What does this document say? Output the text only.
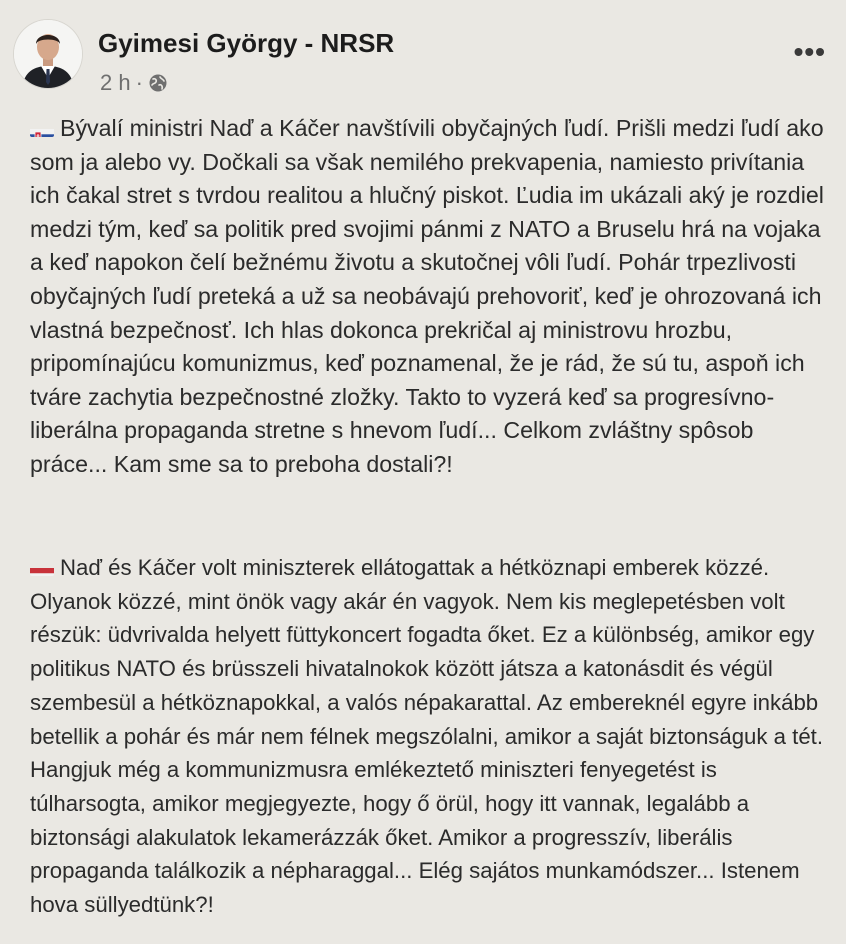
Gyimesi György - NRSR
2 h ·
•••
Bývalí ministri Naď a Káčer navštívili obyčajných ľudí. Prišli medzi ľudí ako som ja alebo vy. Dočkali sa však nemilého prekvapenia, namiesto privítania ich čakal stret s tvrdou realitou a hlučný piskot. Ľudia im ukázali aký je rozdiel medzi tým, keď sa politik pred svojimi pánmi z NATO a Bruselu hrá na vojaka a keď napokon čelí bežnému životu a skutočnej vôli ľudí. Pohár trpezlivosti obyčajných ľudí preteká a už sa neobávajú prehovoriť, keď je ohrozovaná ich vlastná bezpečnosť. Ich hlas dokonca prekričal aj ministrovu hrozbu, pripomínajúcu komunizmus, keď poznamenal, že je rád, že sú tu, aspoň ich tváre zachytia bezpečnostné zložky. Takto to vyzerá keď sa progresívno- liberálna propaganda stretne s hnevom ľudí... Celkom zvláštny spôsob práce... Kam sme sa to preboha dostali?!
Naď és Káčer volt miniszterek ellátogattak a hétköznapi emberek közzé. Olyanok közzé, mint önök vagy akár én vagyok. Nem kis meglepetésben volt részük: üdvrivalda helyett füttykoncert fogadta őket. Ez a különbség, amikor egy politikus NATO és brüsszeli hivatalnokok között játsza a katonásdit és végül szembesül a hétköznapokkal, a valós népakarattal. Az embereknél egyre inkább betellik a pohár és már nem félnek megszólalni, amikor a saját biztonságuk a tét. Hangjuk még a kommunizmusra emlékeztető miniszteri fenyegetést is túlharsogta, amikor megjegyezte, hogy ő örül, hogy itt vannak, legalább a biztonsági alakulatok lekamerázzák őket. Amikor a progresszív, liberális propaganda találkozik a népharaggal... Elég sajátos munkamódszer... Istenem hova süllyedtünk?!
